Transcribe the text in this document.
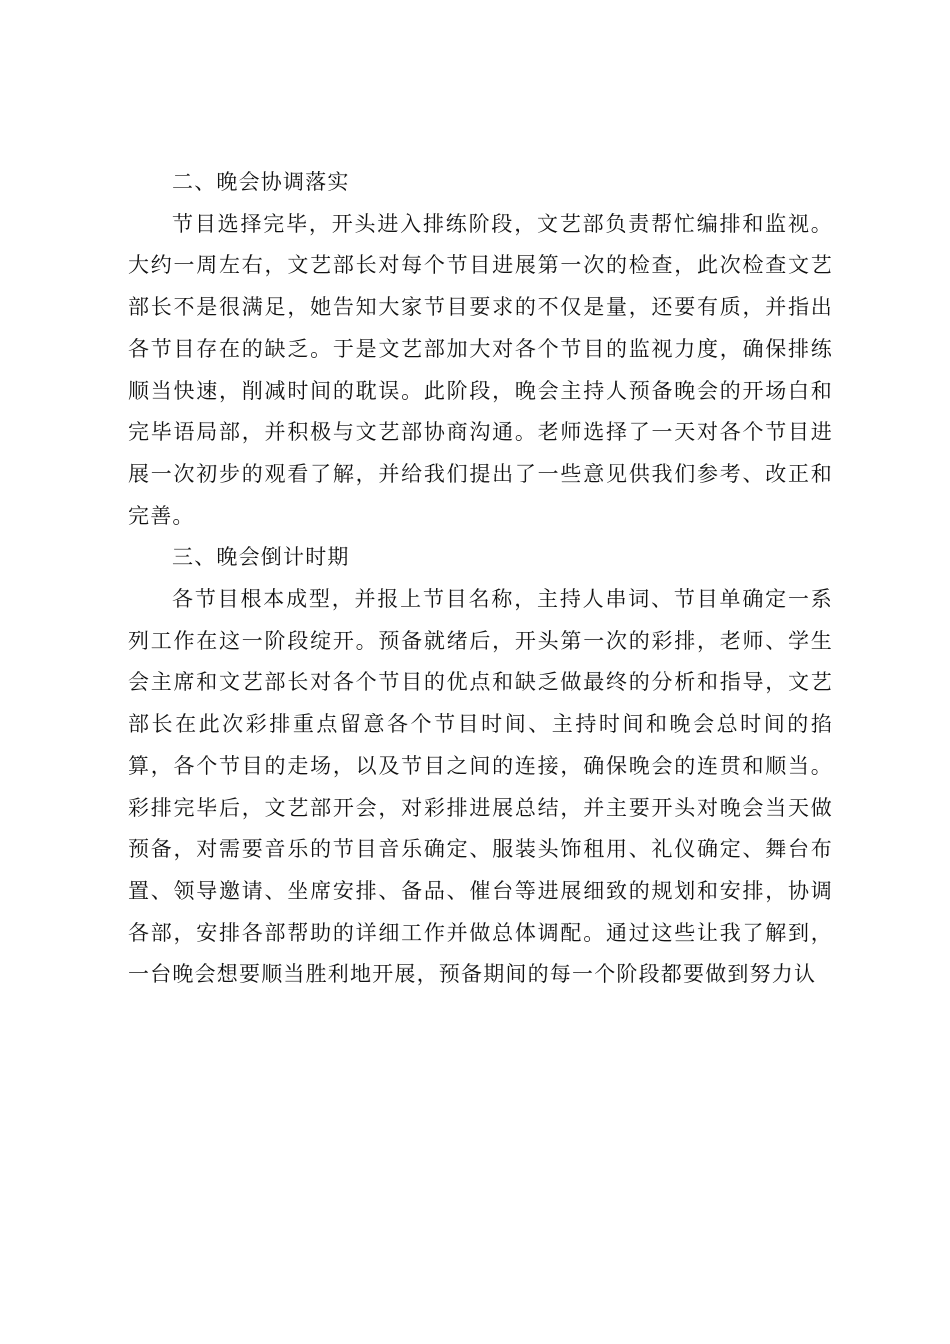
二、晚会协调落实

节目选择完毕，开头进入排练阶段，文艺部负责帮忙编排和监视。大约一周左右，文艺部长对每个节目进展第一次的检查，此次检查文艺部长不是很满足，她告知大家节目要求的不仅是量，还要有质，并指出各节目存在的缺乏。于是文艺部加大对各个节目的监视力度，确保排练顺当快速，削减时间的耽误。此阶段，晚会主持人预备晚会的开场白和完毕语局部，并积极与文艺部协商沟通。老师选择了一天对各个节目进展一次初步的观看了解，并给我们提出了一些意见供我们参考、改正和完善。

三、晚会倒计时期

各节目根本成型，并报上节目名称，主持人串词、节目单确定一系列工作在这一阶段绽开。预备就绪后，开头第一次的彩排，老师、学生会主席和文艺部长对各个节目的优点和缺乏做最终的分析和指导，文艺部长在此次彩排重点留意各个节目时间、主持时间和晚会总时间的掐算，各个节目的走场，以及节目之间的连接，确保晚会的连贯和顺当。彩排完毕后，文艺部开会，对彩排进展总结，并主要开头对晚会当天做预备，对需要音乐的节目音乐确定、服装头饰租用、礼仪确定、舞台布置、领导邀请、坐席安排、备品、催台等进展细致的规划和安排，协调各部，安排各部帮助的详细工作并做总体调配。通过这些让我了解到，一台晚会想要顺当胜利地开展，预备期间的每一个阶段都要做到努力认
